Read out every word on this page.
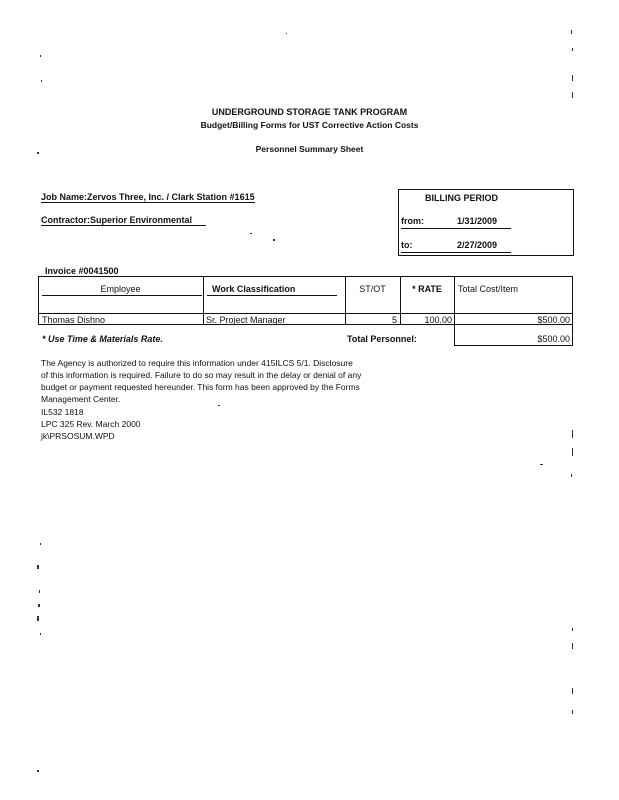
UNDERGROUND STORAGE TANK PROGRAM
Budget/Billing Forms for UST Corrective Action Costs
Personnel Summary Sheet
Job Name:Zervos Three, Inc. / Clark Station #1615
Contractor:Superior Environmental
BILLING PERIOD
from:	1/31/2009
to:	2/27/2009
Invoice #0041500
Employee	Work Classification	ST/OT	* RATE	Total Cost/Item
Thomas Dishno	Sr. Project Manager	5	100.00	$500.00
* Use Time & Materials Rate.	Total Personnel:	$500.00
The Agency is authorized to require this information under 415ILCS 5/1. Disclosure
of this information is required. Failure to do so may result in the delay or denial of any
budget or payment requested hereunder. This form has been approved by the Forms
Management Center.
IL532 1818
LPC 325 Rev. March 2000
jk\PRSOSUM.WPD
